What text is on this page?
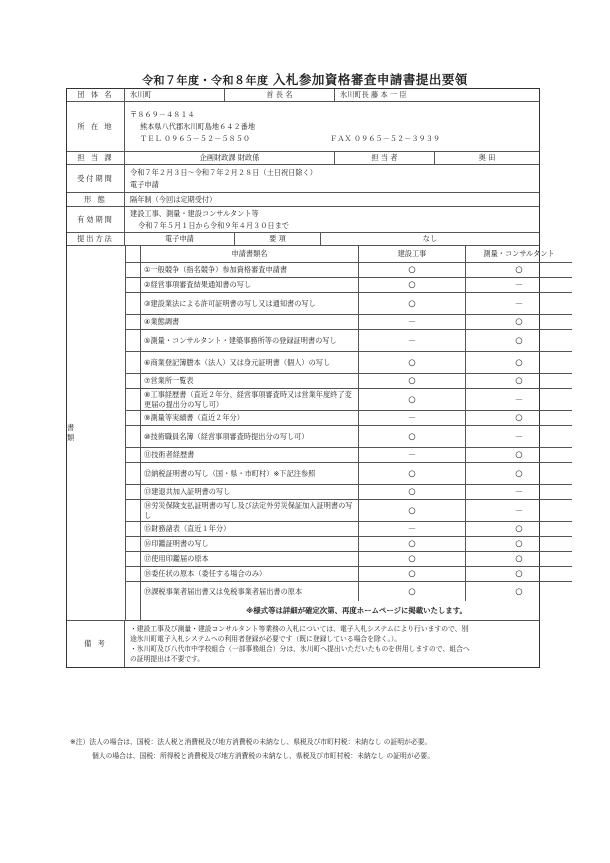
令和７年度・令和８年度 入札参加資格審査申請書提出要領
団 体 名	氷川町	首 長 名	氷川町長 藤 本 一 臣
所 在 地
〒８６９－４８１４
熊本県八代郡氷川町島地６４２番地
ＴＥＬ ０９６５－５２－５８５０	ＦＡＸ ０９６５－５２－３９３９
担 当 課	企画財政課 財政係	担 当 者	奥 田
受付期間
令和７年２月３日～令和７年２月２８日（土日祝日除く）
電子申請
形 態	隔年制（今回は定期受付）
有効期間
建設工事、測量・建設コンサルタント等
令和７年５月１日から令和９年４月３０日まで
提出方法	電子申請	要 項	なし
書 類
申請書類名	建設工事	測量・コンサルタント
①一般競争（指名競争）参加資格審査申請書	○	○
②経営事項審査結果通知書の写し	○	－
③建設業法による許可証明書の写し又は通知書の写し	○	－
④業態調書	－	○
⑤測量・コンサルタント・建築事務所等の登録証明書の写し	－	○
⑥商業登記簿謄本（法人）又は身元証明書（個人）の写し	○	○
⑦営業所一覧表	○	○
⑧工事経歴書（直近２年分、経営事項審査時又は営業年度終了変更届の提出分の写し可）	○	－
⑨測量等実績書（直近２年分）	－	○
⑩技術職員名簿（経営事項審査時提出分の写し可）	○	－
⑪技術者経歴書	－	○
⑫納税証明書の写し（国・県・市町村）※下記注参照	○	○
⑬建退共加入証明書の写し	○	－
⑭労災保険支払証明書の写し及び法定外労災保証加入証明書の写し	○	－
⑮財務諸表（直近１年分）	－	○
⑯印鑑証明書の写し	○	○
⑰使用印鑑届の原本	○	○
⑱委任状の原本（委任する場合のみ）	○	○
⑲課税事業者届出書又は免税事業者届出書の原本	○	○
※様式等は詳細が確定次第、再度ホームページに掲載いたします。
備 考
・建設工事及び測量・建設コンサルタント等業務の入札については、電子入札システムにより行いますので、別
途氷川町電子入札システムへの利用者登録が必要です（既に登録している場合を除く。）。
・氷川町及び八代市中学校組合（一部事務組合）分は、氷川町へ提出いただいたものを併用しますので、組合へ
の証明提出は不要です。
※注）法人の場合は、国税：法人税と消費税及び地方消費税の未納なし、県税及び市町村税：未納なし の証明が必要。
個人の場合は、国税：所得税と消費税及び地方消費税の未納なし、県税及び市町村税：未納なし の証明が必要。
